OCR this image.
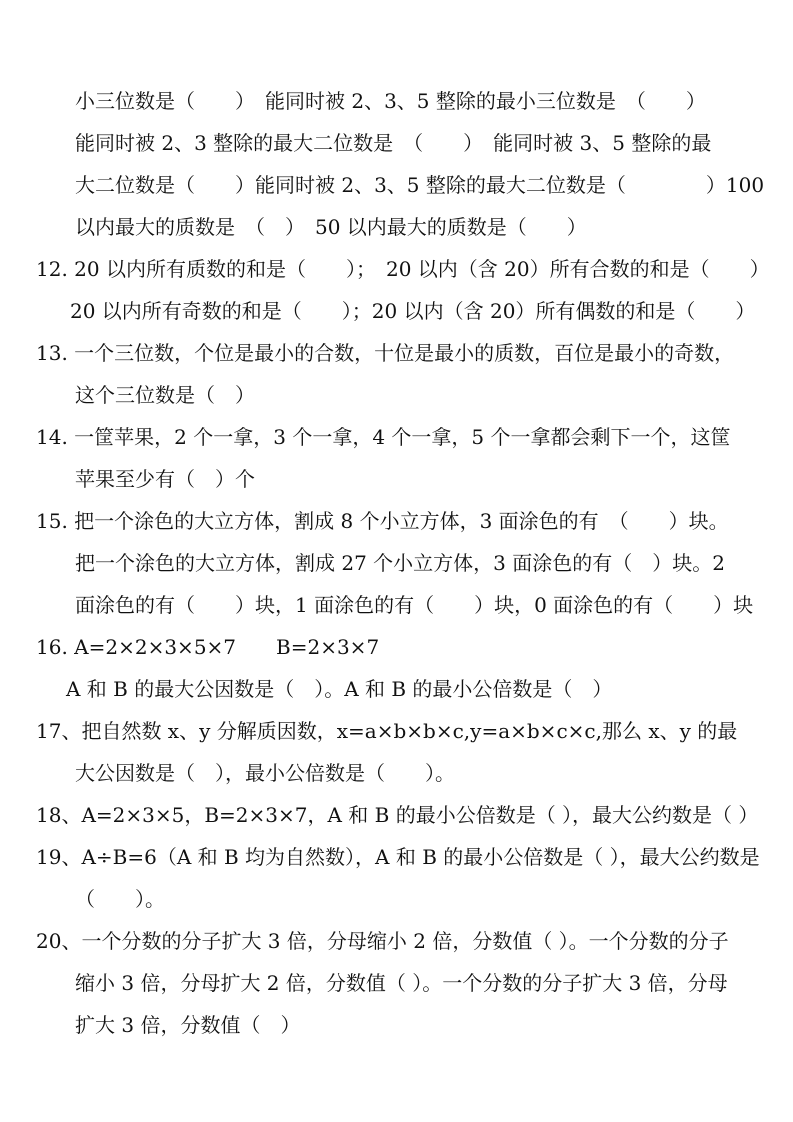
小三位数是（　　）　能同时被 2、3、5 整除的最小三位数是　（　　）
能同时被 2、3 整除的最大二位数是　（　　）　能同时被 3、5 整除的最
大二位数是（　　）能同时被 2、3、5 整除的最大二位数是（　　　　）100
以内最大的质数是　（　）　50 以内最大的质数是（　　）
12. 20 以内所有质数的和是（　　）；　20 以内（含 20）所有合数的和是（　　）
20 以内所有奇数的和是（　　）；20 以内（含 20）所有偶数的和是（　　）
13. 一个三位数，个位是最小的合数，十位是最小的质数，百位是最小的奇数，
这个三位数是（　）
14. 一筐苹果，2 个一拿，3 个一拿，4 个一拿，5 个一拿都会剩下一个，这筐
苹果至少有（　）个
15. 把一个涂色的大立方体，割成 8 个小立方体，3 面涂色的有　（　　）块。
把一个涂色的大立方体，割成 27 个小立方体，3 面涂色的有（　）块。2
面涂色的有（　　）块，1 面涂色的有（　　）块，0 面涂色的有（　　）块
16. A=2×2×3×5×7　　B=2×3×7
A 和 B 的最大公因数是（　）。A 和 B 的最小公倍数是（　）
17、把自然数 x、y 分解质因数，x=a×b×b×c,y=a×b×c×c,那么 x、y 的最
大公因数是（　），最小公倍数是（　　）。
18、A=2×3×5，B=2×3×7，A 和 B 的最小公倍数是（ ），最大公约数是（ ）
19、A÷B=6（A 和 B 均为自然数），A 和 B 的最小公倍数是（ ），最大公约数是
（　　）。
20、一个分数的分子扩大 3 倍，分母缩小 2 倍，分数值（ ）。一个分数的分子
缩小 3 倍，分母扩大 2 倍，分数值（ ）。一个分数的分子扩大 3 倍，分母
扩大 3 倍，分数值（　）
